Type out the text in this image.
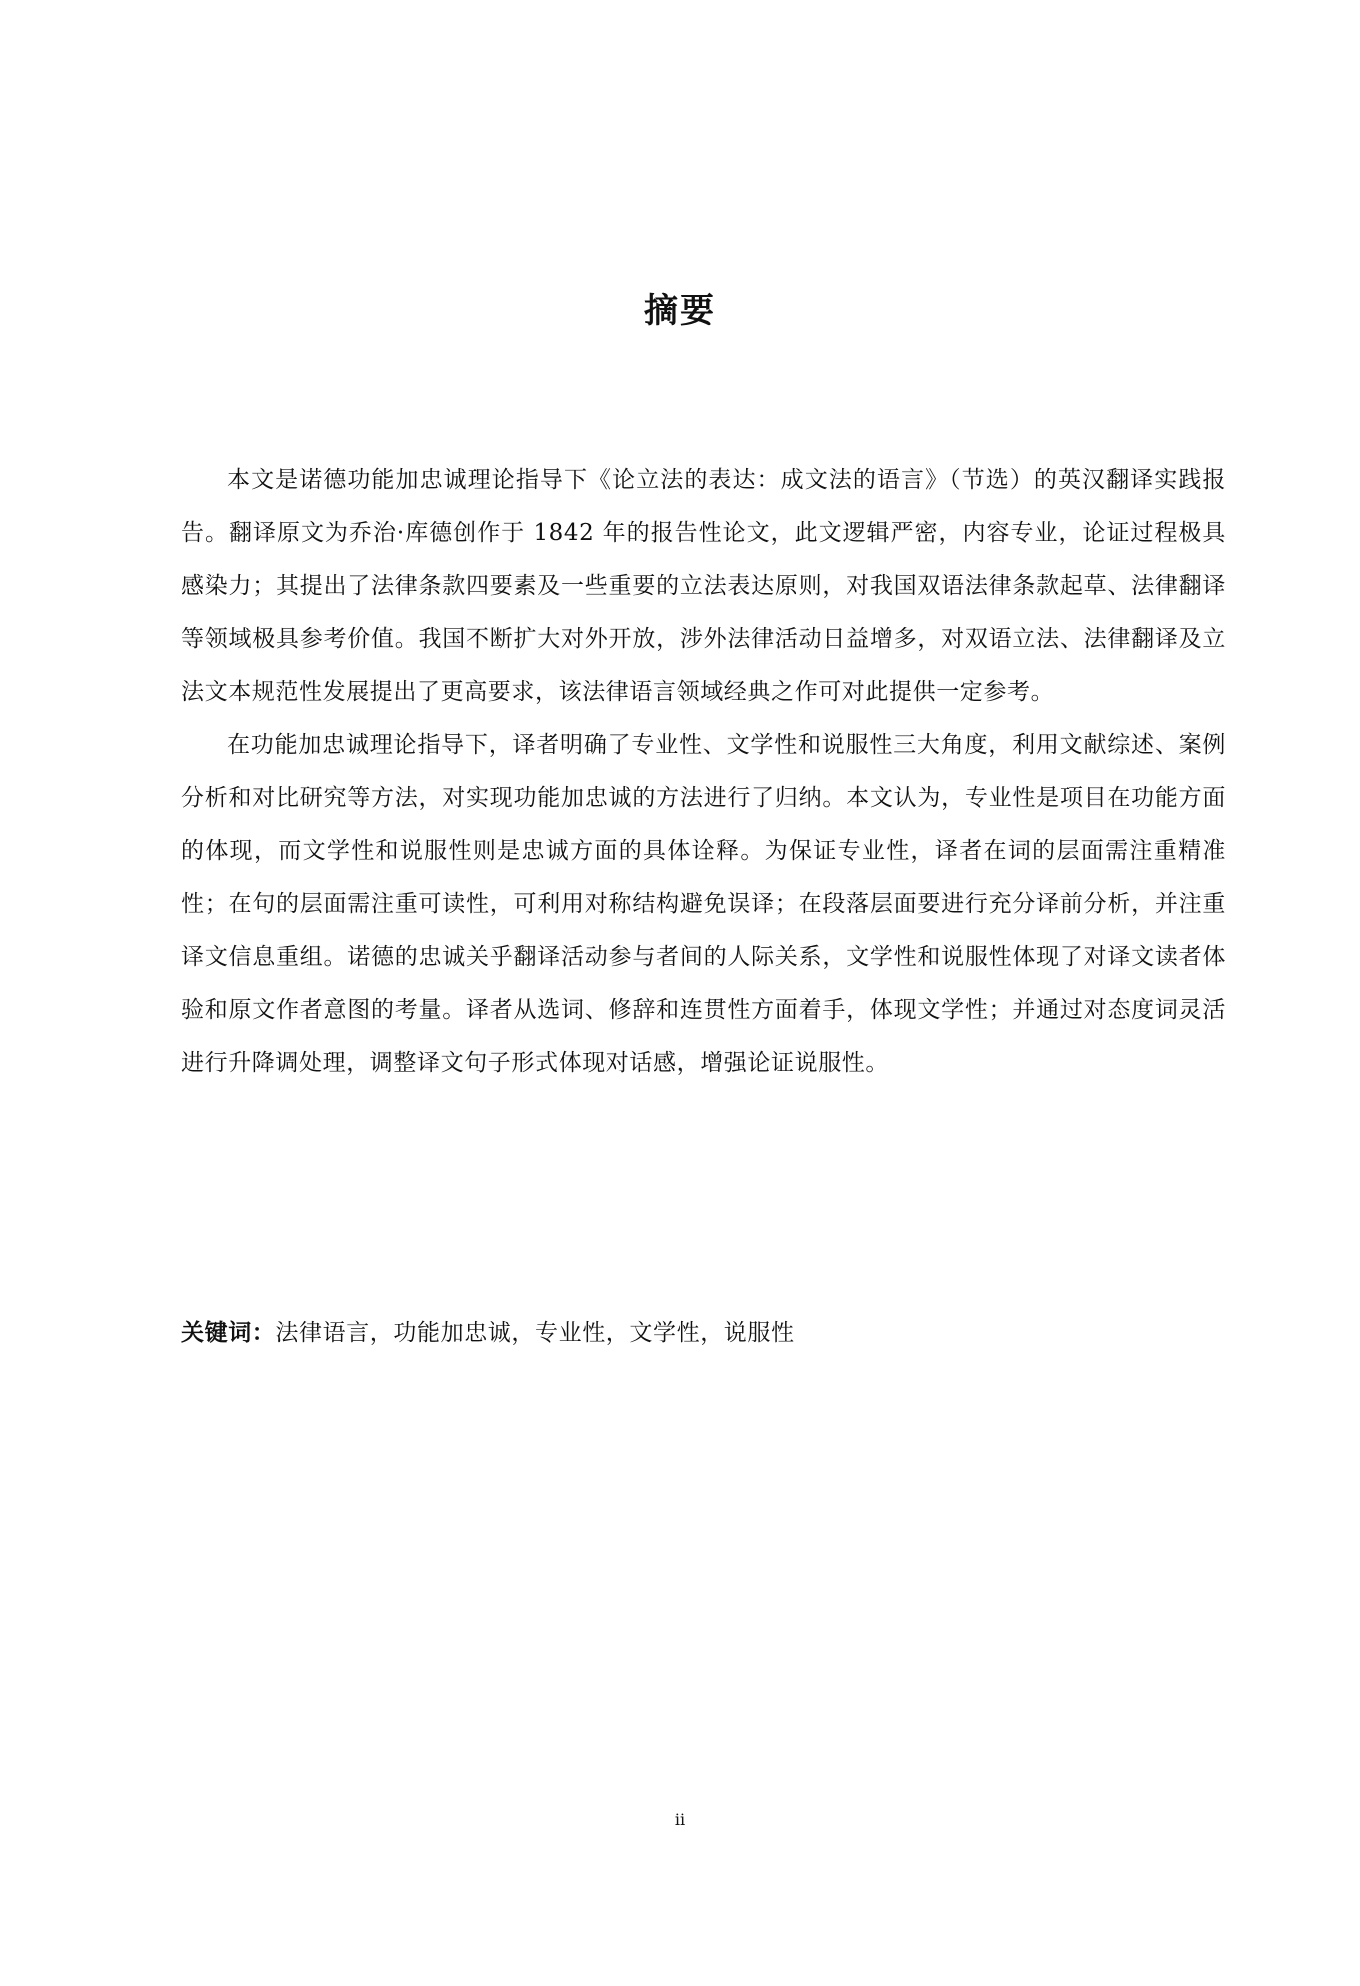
摘要

本文是诺德功能加忠诚理论指导下《论立法的表达：成文法的语言》（节选）的英汉翻译实践报告。翻译原文为乔治·库德创作于 1842 年的报告性论文，此文逻辑严密，内容专业，论证过程极具感染力；其提出了法律条款四要素及一些重要的立法表达原则，对我国双语法律条款起草、法律翻译等领域极具参考价值。我国不断扩大对外开放，涉外法律活动日益增多，对双语立法、法律翻译及立法文本规范性发展提出了更高要求，该法律语言领域经典之作可对此提供一定参考。

在功能加忠诚理论指导下，译者明确了专业性、文学性和说服性三大角度，利用文献综述、案例分析和对比研究等方法，对实现功能加忠诚的方法进行了归纳。本文认为，专业性是项目在功能方面的体现，而文学性和说服性则是忠诚方面的具体诠释。为保证专业性，译者在词的层面需注重精准性；在句的层面需注重可读性，可利用对称结构避免误译；在段落层面要进行充分译前分析，并注重译文信息重组。诺德的忠诚关乎翻译活动参与者间的人际关系，文学性和说服性体现了对译文读者体验和原文作者意图的考量。译者从选词、修辞和连贯性方面着手，体现文学性；并通过对态度词灵活进行升降调处理，调整译文句子形式体现对话感，增强论证说服性。

关键词：法律语言，功能加忠诚，专业性，文学性，说服性
ii
